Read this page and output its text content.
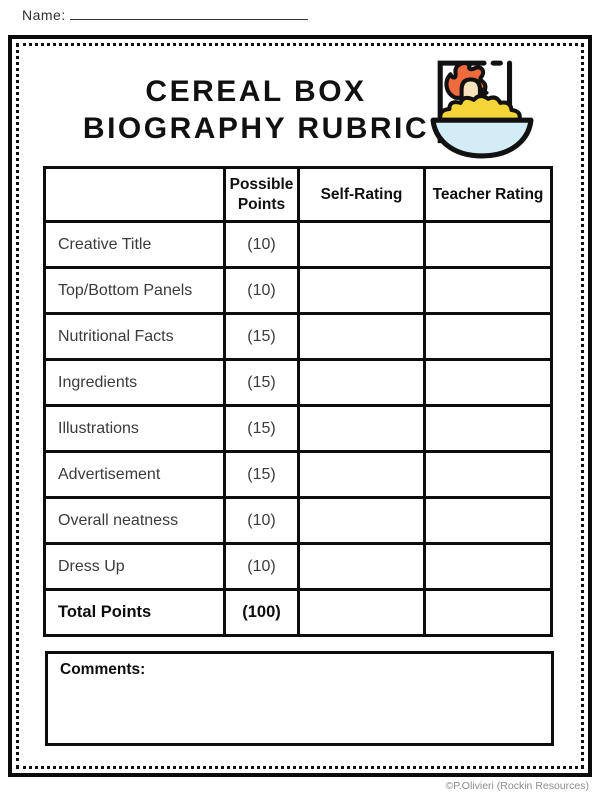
Name:
CEREAL BOX
BIOGRAPHY RUBRIC
	Possible Points	Self-Rating	Teacher Rating
Creative Title	(10)		
Top/Bottom Panels	(10)		
Nutritional Facts	(15)		
Ingredients	(15)		
Illustrations	(15)		
Advertisement	(15)		
Overall neatness	(10)		
Dress Up	(10)		
Total Points	(100)		
Comments:
©P.Olivieri (Rockin Resources)
